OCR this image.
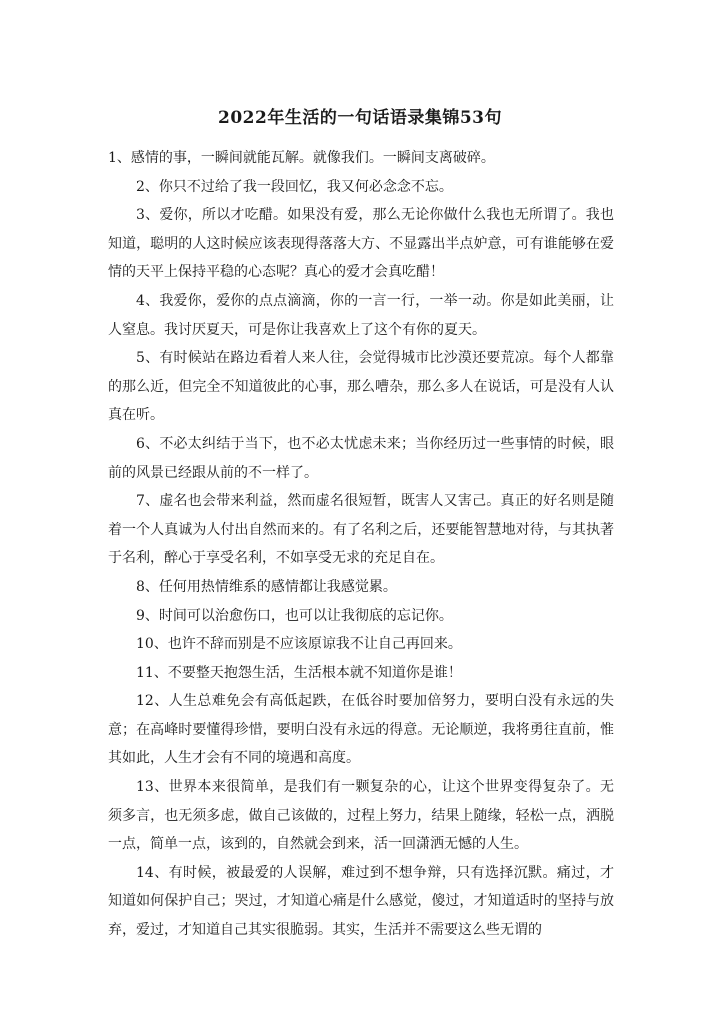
2022年生活的一句话语录集锦53句

1、感情的事，一瞬间就能瓦解。就像我们。一瞬间支离破碎。

2、你只不过给了我一段回忆，我又何必念念不忘。

3、爱你，所以才吃醋。如果没有爱，那么无论你做什么我也无所谓了。我也知道，聪明的人这时候应该表现得落落大方、不显露出半点妒意，可有谁能够在爱情的天平上保持平稳的心态呢？真心的爱才会真吃醋！

4、我爱你，爱你的点点滴滴，你的一言一行，一举一动。你是如此美丽，让人窒息。我讨厌夏天，可是你让我喜欢上了这个有你的夏天。

5、有时候站在路边看着人来人往，会觉得城市比沙漠还要荒凉。每个人都靠的那么近，但完全不知道彼此的心事，那么嘈杂，那么多人在说话，可是没有人认真在听。

6、不必太纠结于当下，也不必太忧虑未来；当你经历过一些事情的时候，眼前的风景已经跟从前的不一样了。

7、虚名也会带来利益，然而虚名很短暂，既害人又害己。真正的好名则是随着一个人真诚为人付出自然而来的。有了名利之后，还要能智慧地对待，与其执著于名利，醉心于享受名利，不如享受无求的充足自在。

8、任何用热情维系的感情都让我感觉累。

9、时间可以治愈伤口，也可以让我彻底的忘记你。

10、也许不辞而别是不应该原谅我不让自己再回来。

11、不要整天抱怨生活，生活根本就不知道你是谁！

12、人生总难免会有高低起跌，在低谷时要加倍努力，要明白没有永远的失意；在高峰时要懂得珍惜，要明白没有永远的得意。无论顺逆，我将勇往直前，惟其如此，人生才会有不同的境遇和高度。

13、世界本来很简单，是我们有一颗复杂的心，让这个世界变得复杂了。无须多言，也无须多虑，做自己该做的，过程上努力，结果上随缘，轻松一点，洒脱一点，简单一点，该到的，自然就会到来，活一回潇洒无憾的人生。

14、有时候，被最爱的人误解，难过到不想争辩，只有选择沉默。痛过，才知道如何保护自己；哭过，才知道心痛是什么感觉，傻过，才知道适时的坚持与放弃，爱过，才知道自己其实很脆弱。其实，生活并不需要这么些无谓的
